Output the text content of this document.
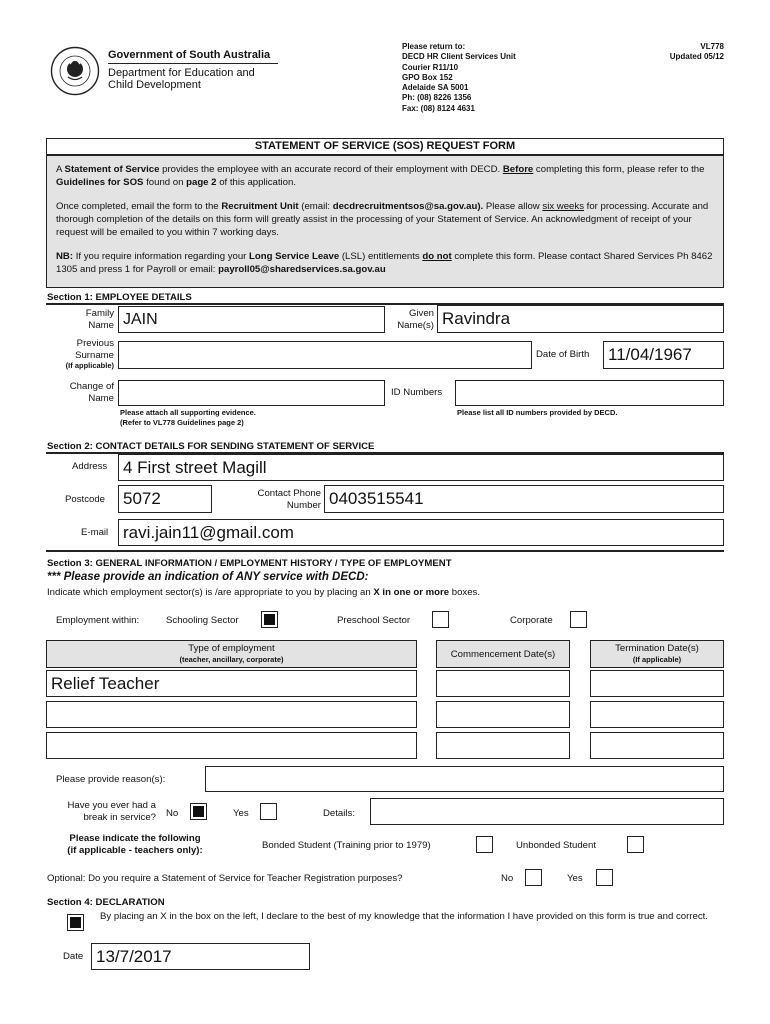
Government of South Australia
Department for Education and Child Development
Please return to:
DECD HR Client Services Unit
Courier R11/10
GPO Box 152
Adelaide SA 5001
Ph: (08) 8226 1356
Fax: (08) 8124 4631
VL778
Updated 05/12
STATEMENT OF SERVICE (SOS) REQUEST FORM

A Statement of Service provides the employee with an accurate record of their employment with DECD. Before completing this form, please refer to the Guidelines for SOS found on page 2 of this application.

Once completed, email the form to the Recruitment Unit (email: decdrecruitmentsos@sa.gov.au). Please allow six weeks for processing. Accurate and thorough completion of the details on this form will greatly assist in the processing of your Statement of Service. An acknowledgment of receipt of your request will be emailed to you within 7 working days.

NB: If you require information regarding your Long Service Leave (LSL) entitlements do not complete this form. Please contact Shared Services Ph 8462 1305 and press 1 for Payroll or email: payroll05@sharedservices.sa.gov.au

Section 1: EMPLOYEE DETAILS
Family
Name JAIN	Given
Name(s) Ravindra
Previous
Surname
(If applicable)
Date of Birth 11/04/1967
Change of
Name	ID Numbers
Please attach all supporting evidence.
(Refer to VL778 Guidelines page 2)
Please list all ID numbers provided by DECD.
Section 2: CONTACT DETAILS FOR SENDING STATEMENT OF SERVICE
Address 4 First street Magill
Postcode 5072	Contact Phone
Number 0403515541
E-mail ravi.jain11@gmail.com
Section 3: GENERAL INFORMATION / EMPLOYMENT HISTORY / TYPE OF EMPLOYMENT
*** Please provide an indication of ANY service with DECD:
Indicate which employment sector(s) is /are appropriate to you by placing an X in one or more boxes.
Employment within:	Schooling Sector	Preschool Sector	Corporate
Type of employment
(teacher, ancillary, corporate)	Commencement Date(s)	Termination Date(s)
(If applicable)
Relief Teacher
Please provide reason(s):
Have you ever had a
break in service? No	Yes	Details:
Please indicate the following
(if applicable - teachers only):	Bonded Student (Training prior to 1979)	Unbonded Student
Optional: Do you require a Statement of Service for Teacher Registration purposes?	No	Yes
Section 4: DECLARATION
By placing an X in the box on the left, I declare to the best of my knowledge that the information I have provided on this form is true and correct.
Date 13/7/2017
